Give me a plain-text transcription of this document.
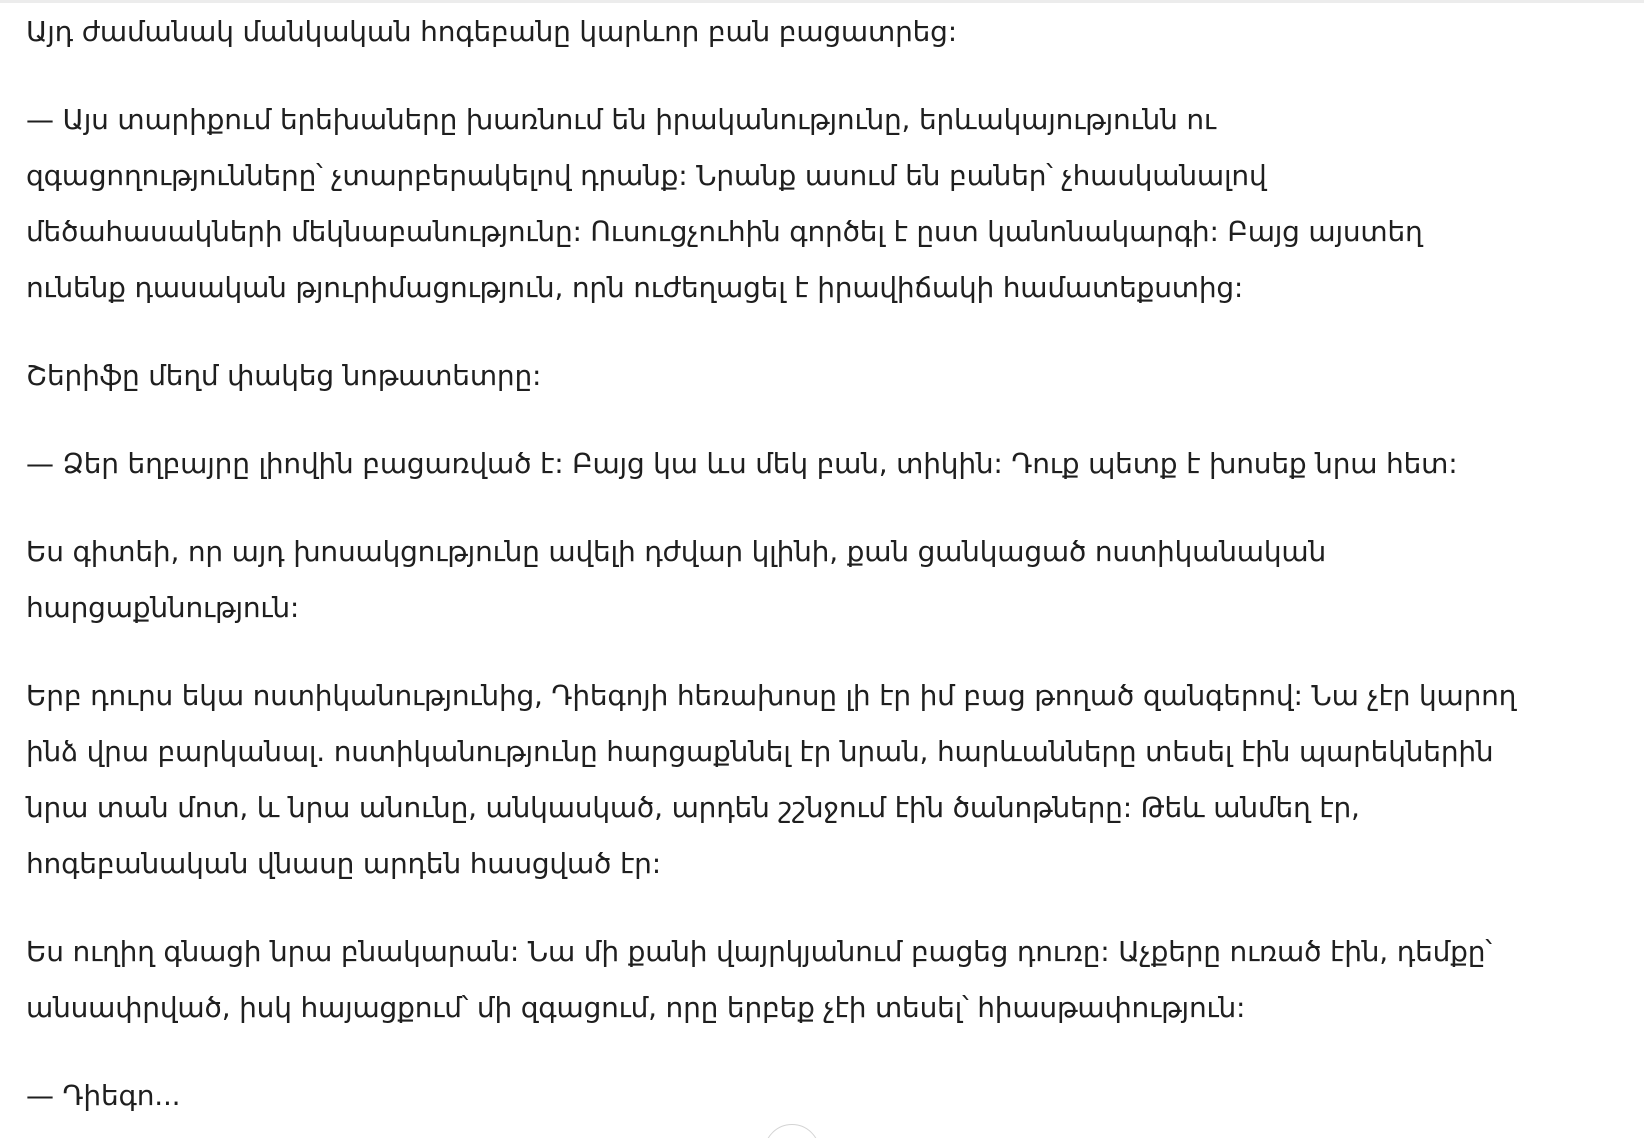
Այդ ժամանակ մանկական հոգեբանը կարևոր բան բացատրեց:

— Այս տարիքում երեխաները խառնում են իրականությունը, երևակայությունն ու
զգացողությունները՝ չտարբերակելով դրանք: Նրանք ասում են բաներ՝ չհասկանալով
մեծահասակների մեկնաբանությունը: Ուսուցչուհին գործել է ըստ կանոնակարգի: Բայց այստեղ
ունենք դասական թյուրիմացություն, որն ուժեղացել է իրավիճակի համատեքստից:

Շերիֆը մեղմ փակեց նոթատետրը:

— Ձեր եղբայրը լիովին բացառված է: Բայց կա ևս մեկ բան, տիկին: Դուք պետք է խոսեք նրա հետ:

Ես գիտեի, որ այդ խոսակցությունը ավելի դժվար կլինի, քան ցանկացած ոստիկանական
հարցաքննություն:

Երբ դուրս եկա ոստիկանությունից, Դիեգոյի հեռախոսը լի էր իմ բաց թողած զանգերով: Նա չէր կարող
ինձ վրա բարկանալ. ոստիկանությունը հարցաքննել էր նրան, հարևանները տեսել էին պարեկներին
նրա տան մոտ, և նրա անունը, անկասկած, արդեն շշնջում էին ծանոթները: Թեև անմեղ էր,
հոգեբանական վնասը արդեն հասցված էր:

Ես ուղիղ գնացի նրա բնակարան: Նա մի քանի վայրկյանում բացեց դուռը: Աչքերը ուռած էին, դեմքը՝
անսափրված, իսկ հայացքում՝ մի զգացում, որը երբեք չէի տեսել՝ հիասթափություն:

— Դիեգո...
